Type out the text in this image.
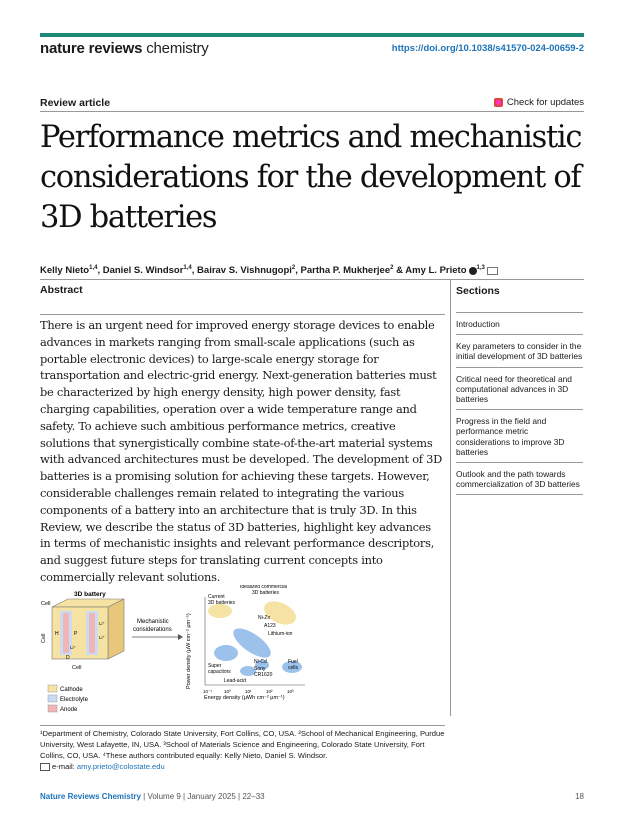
nature reviews chemistry	https://doi.org/10.1038/s41570-024-00659-2
Review article	Check for updates
Performance metrics and mechanistic considerations for the development of 3D batteries
Kelly Nieto$^{1,4}$, Daniel S. Windsor$^{1,4}$, Bairav S. Vishnugopi$^2$, Partha P. Mukherjee$^2$ & Amy L. Prieto $^{1,3}$
Abstract	Sections
There is an urgent need for improved energy storage devices to enable advances in markets ranging from small-scale applications (such as portable electronic devices) to large-scale energy storage for transportation and electric-grid energy. Next-generation batteries must be characterized by high energy density, high power density, fast charging capabilities, operation over a wide temperature range and safety. To achieve such ambitious performance metrics, creative solutions that synergistically combine state-of-the-art material systems with advanced architectures must be developed. The development of 3D batteries is a promising solution for achieving these targets. However, considerable challenges remain related to integrating the various components of a battery into an architecture that is truly 3D. In this Review, we describe the status of 3D batteries, highlight key advances in terms of mechanistic insights and relevant performance descriptors, and suggest future steps for translating current concepts into commercially relevant solutions.
Introduction
Key parameters to consider in the initial development of 3D batteries
Critical need for theoretical and computational advances in 3D batteries
Progress in the field and performance metric considerations to improve 3D batteries
Outlook and the path towards commercialization of 3D batteries
3D battery
Cell
Cell
Cell
H	P
D
Li⁺
Li⁺
Li⁺
Cathode
Electrolyte
Anode
Mechanistic
considerations	Power density (μW cm⁻² μm⁻¹)
Energy density (μWh cm⁻² μm⁻¹)
10⁻¹	10⁰	10¹	10²	10³
Idealized commercial
3D batteries
Current
3D batteries
Ni-Zn
A123
Lithium-ion
Super
capacitors
Ni-Cd
Sony
CR1620
Fuel
cells
Lead-acid
¹Department of Chemistry, Colorado State University, Fort Collins, CO, USA. ²School of Mechanical Engineering, Purdue University, West Lafayette, IN, USA. ³School of Materials Science and Engineering, Colorado State University, Fort Collins, CO, USA. ⁴These authors contributed equally: Kelly Nieto, Daniel S. Windsor.
e-mail: amy.prieto@colostate.edu
Nature Reviews Chemistry | Volume 9 | January 2025 | 22–33	18
